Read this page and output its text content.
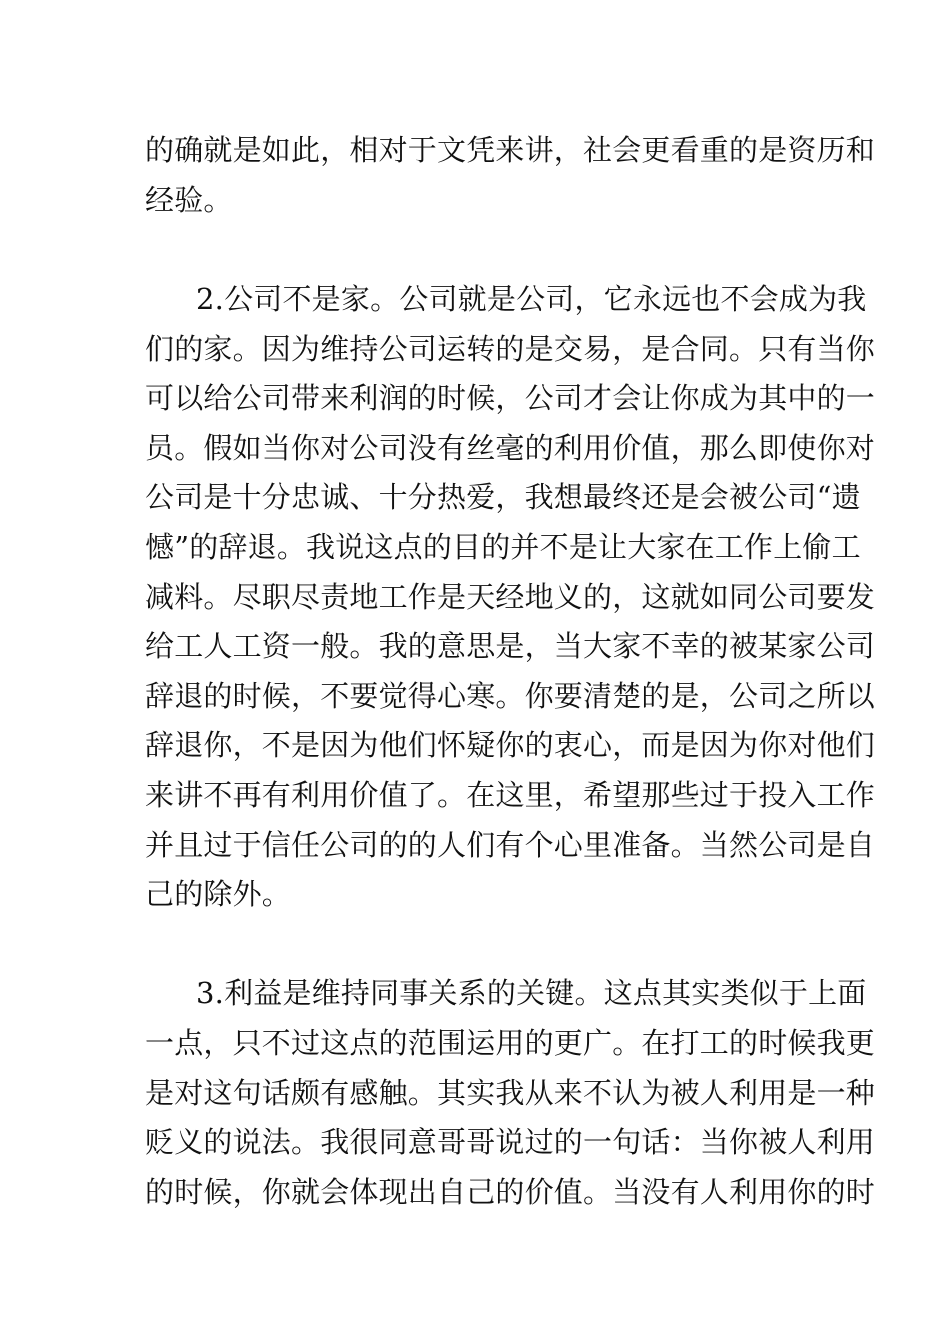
的确就是如此，相对于文凭来讲，社会更看重的是资历和
经验。
2.公司不是家。公司就是公司，它永远也不会成为我
们的家。因为维持公司运转的是交易，是合同。只有当你
可以给公司带来利润的时候，公司才会让你成为其中的一
员。假如当你对公司没有丝毫的利用价值，那么即使你对
公司是十分忠诚、十分热爱，我想最终还是会被公司“遗
憾”的辞退。我说这点的目的并不是让大家在工作上偷工
减料。尽职尽责地工作是天经地义的，这就如同公司要发
给工人工资一般。我的意思是，当大家不幸的被某家公司
辞退的时候，不要觉得心寒。你要清楚的是，公司之所以
辞退你，不是因为他们怀疑你的衷心，而是因为你对他们
来讲不再有利用价值了。在这里，希望那些过于投入工作
并且过于信任公司的的人们有个心里准备。当然公司是自
己的除外。
3.利益是维持同事关系的关键。这点其实类似于上面
一点，只不过这点的范围运用的更广。在打工的时候我更
是对这句话颇有感触。其实我从来不认为被人利用是一种
贬义的说法。我很同意哥哥说过的一句话：当你被人利用
的时候，你就会体现出自己的价值。当没有人利用你的时
